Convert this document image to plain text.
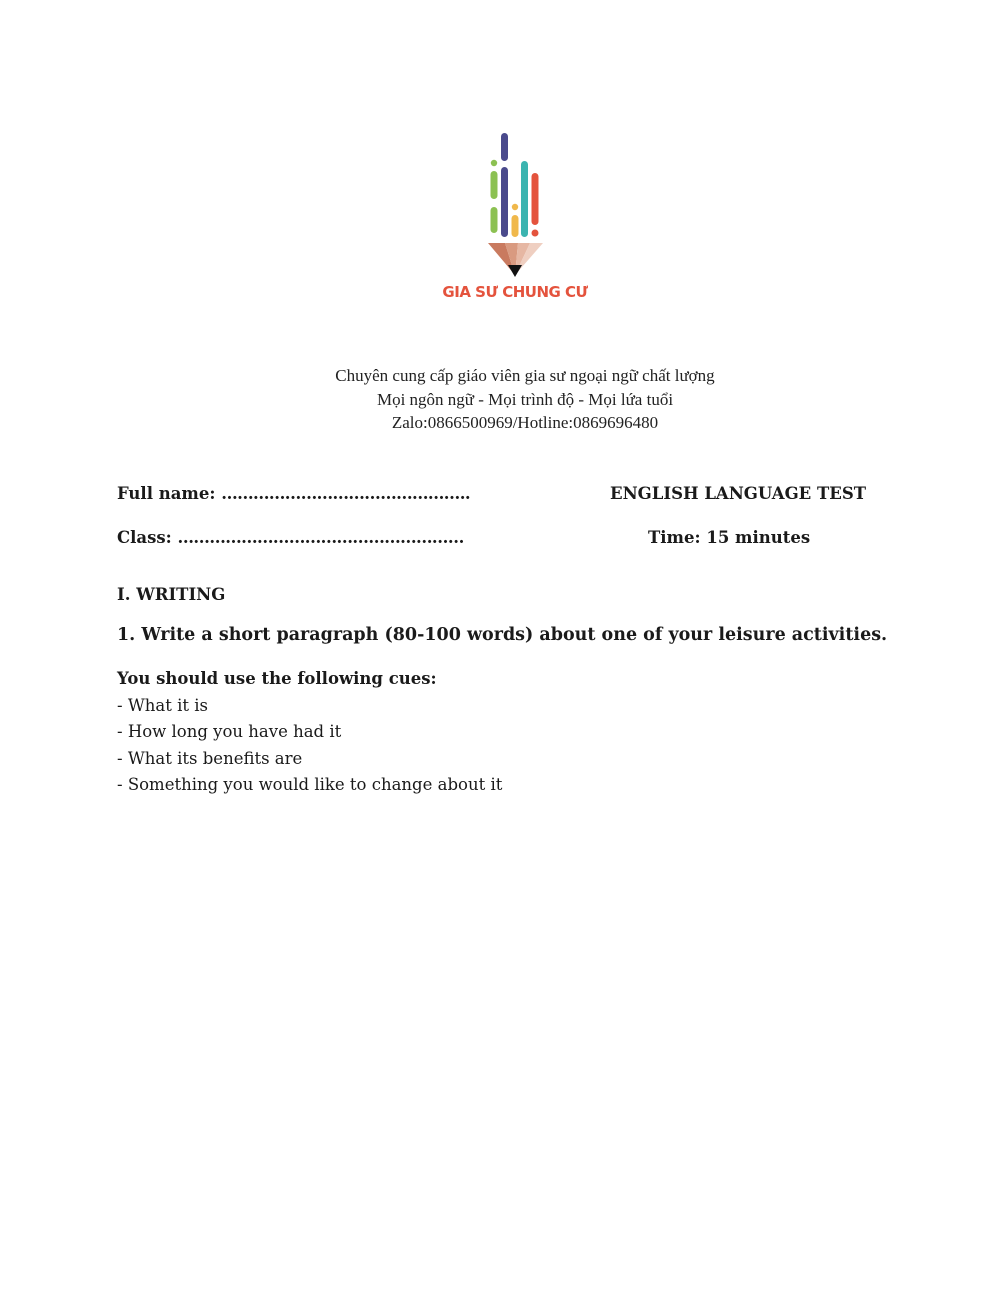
GIA SƯ CHUNG CƯ
Chuyên cung cấp giáo viên gia sư ngoại ngữ chất lượng
Mọi ngôn ngữ - Mọi trình độ - Mọi lứa tuổi
Zalo:0866500969/Hotline:0869696480
Full name: ………………………………………..	ENGLISH LANGUAGE TEST
Class: ………………………………………………	Time: 15 minutes
I. WRITING
1. Write a short paragraph (80-100 words) about one of your leisure activities.
You should use the following cues:
- What it is
- How long you have had it
- What its benefits are
- Something you would like to change about it
